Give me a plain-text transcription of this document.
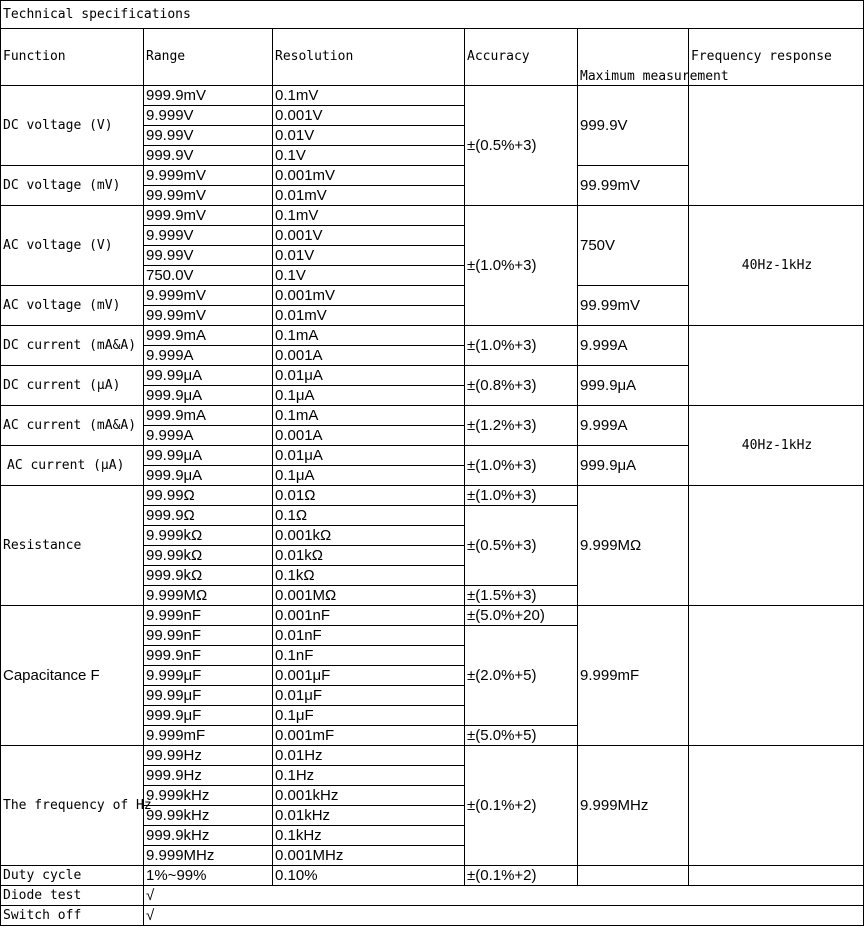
Technical specifications					
Function	Range	Resolution	Accuracy	Maximum measurement	Frequency response
DC voltage (V)	999.9mV	0.1mV	±(0.5%+3)	999.9V	
	9.999V	0.001V			
	99.99V	0.01V			
	999.9V	0.1V			
DC voltage (mV)	9.999mV	0.001mV		99.99mV	
	99.99mV	0.01mV			
AC voltage (V)	999.9mV	0.1mV	±(1.0%+3)	750V	40Hz-1kHz
	9.999V	0.001V			
	99.99V	0.01V			
	750.0V	0.1V			
AC voltage (mV)	9.999mV	0.001mV		99.99mV	
	99.99mV	0.01mV			
DC current (mA&A)	999.9mA	0.1mA	±(1.0%+3)	9.999A	
	9.999A	0.001A			
DC current (μA)	99.99μA	0.01μA	±(0.8%+3)	999.9μA	
	999.9μA	0.1μA			
AC current (mA&A)	999.9mA	0.1mA	±(1.2%+3)	9.999A	40Hz-1kHz
	9.999A	0.001A			
AC current (μA)	99.99μA	0.01μA	±(1.0%+3)	999.9μA	
	999.9μA	0.1μA			
Resistance	99.99Ω	0.01Ω	±(1.0%+3)	9.999MΩ	
	999.9Ω	0.1Ω	±(0.5%+3)		
	9.999kΩ	0.001kΩ			
	99.99kΩ	0.01kΩ			
	999.9kΩ	0.1kΩ			
	9.999MΩ	0.001MΩ	±(1.5%+3)		
Capacitance F	9.999nF	0.001nF	±(5.0%+20)	9.999mF	
	99.99nF	0.01nF	±(2.0%+5)		
	999.9nF	0.1nF			
	9.999μF	0.001μF			
	99.99μF	0.01μF			
	999.9μF	0.1μF			
	9.999mF	0.001mF	±(5.0%+5)		
The frequency of Hz	99.99Hz	0.01Hz	±(0.1%+2)	9.999MHz	
	999.9Hz	0.1Hz			
	9.999kHz	0.001kHz			
	99.99kHz	0.01kHz			
	999.9kHz	0.1kHz			
	9.999MHz	0.001MHz			
Duty cycle	1%~99%	0.10%	±(0.1%+2)		
Diode test	√				
Switch off	√				
